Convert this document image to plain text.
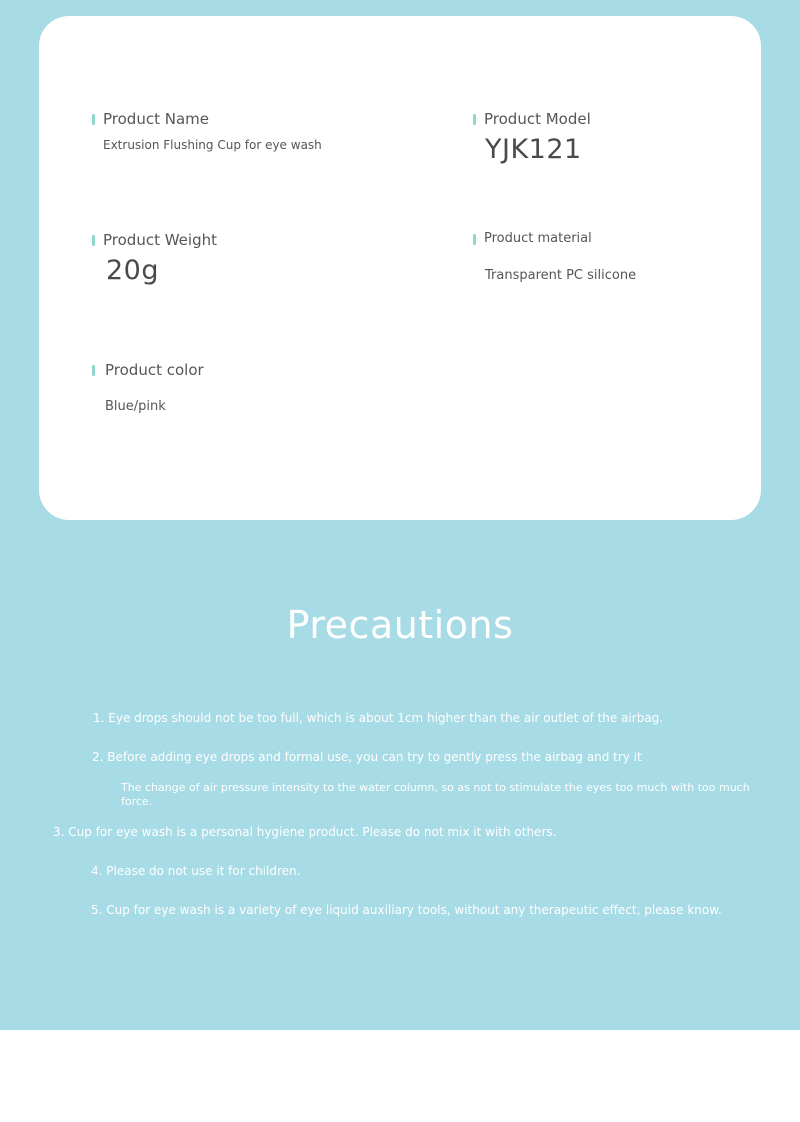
Product Name
Extrusion Flushing Cup for eye wash
Product Model
YJK121
Product Weight
20g
Product material
Transparent PC silicone
Product color
Blue/pink
Precautions
1. Eye drops should not be too full, which is about 1cm higher than the air outlet of the airbag.
2. Before adding eye drops and formal use, you can try to gently press the airbag and try it
The change of air pressure intensity to the water column, so as not to stimulate the eyes too much with too much force.
3. Cup for eye wash is a personal hygiene product. Please do not mix it with others.
4. Please do not use it for children.
5. Cup for eye wash is a variety of eye liquid auxiliary tools, without any therapeutic effect, please know.
